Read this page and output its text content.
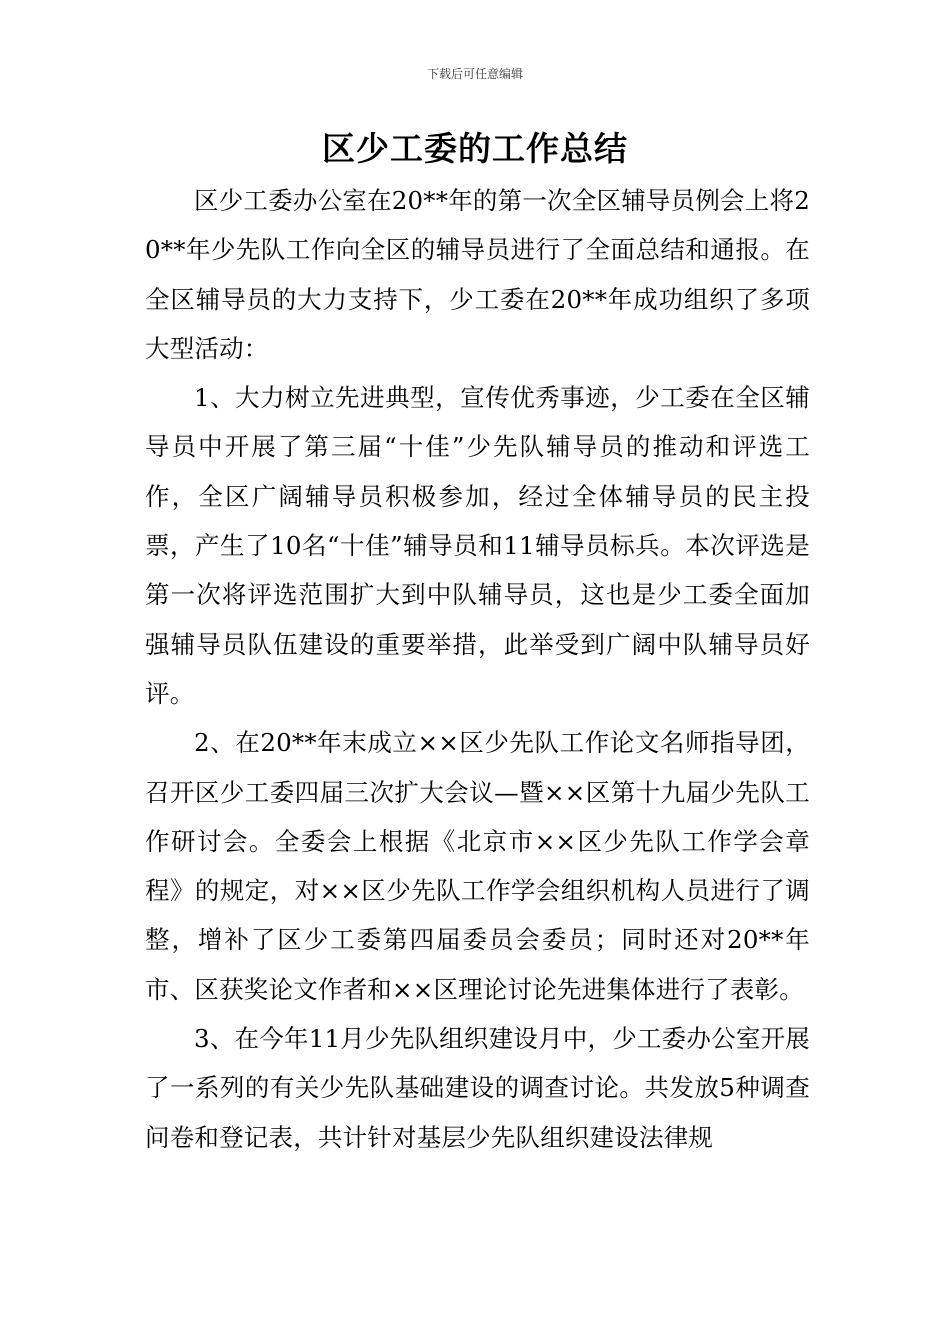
下载后可任意编辑
区少工委的工作总结

区少工委办公室在20**年的第一次全区辅导员例会上将20**年少先队工作向全区的辅导员进行了全面总结和通报。在全区辅导员的大力支持下，少工委在20**年成功组织了多项大型活动：

1、大力树立先进典型，宣传优秀事迹，少工委在全区辅导员中开展了第三届“十佳”少先队辅导员的推动和评选工作，全区广阔辅导员积极参加，经过全体辅导员的民主投票，产生了10名“十佳”辅导员和11辅导员标兵。本次评选是第一次将评选范围扩大到中队辅导员，这也是少工委全面加强辅导员队伍建设的重要举措，此举受到广阔中队辅导员好评。

2、在20**年末成立××区少先队工作论文名师指导团，召开区少工委四届三次扩大会议—暨××区第十九届少先队工作研讨会。全委会上根据《北京市××区少先队工作学会章程》的规定，对××区少先队工作学会组织机构人员进行了调整，增补了区少工委第四届委员会委员；同时还对20**年市、区获奖论文作者和××区理论讨论先进集体进行了表彰。

3、在今年11月少先队组织建设月中，少工委办公室开展了一系列的有关少先队基础建设的调查讨论。共发放5种调查问卷和登记表，共计针对基层少先队组织建设法律规
